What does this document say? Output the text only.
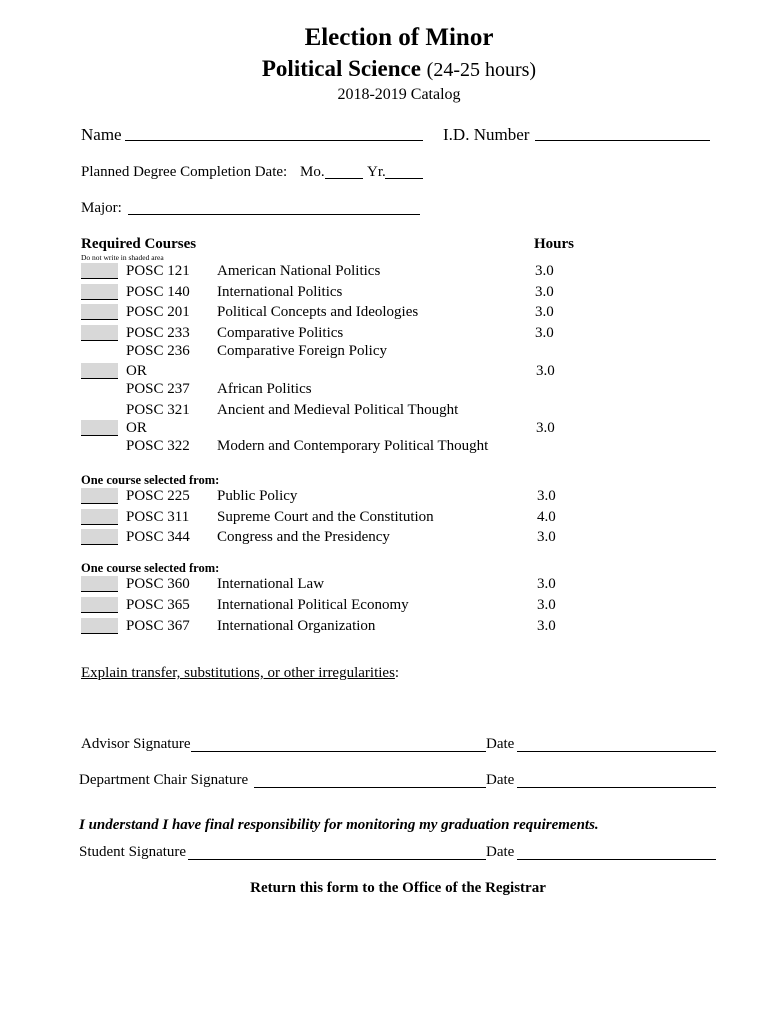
Election of Minor
Political Science (24-25 hours)
2018-2019 Catalog
Name	I.D. Number
Planned Degree Completion Date: Mo.	Yr.
Major:
Required Courses	Hours
Do not write in shaded area
POSC 121 American National Politics	3.0
POSC 140 International Politics	3.0
POSC 201 Political Concepts and Ideologies	3.0
POSC 233 Comparative Politics	3.0
POSC 236 Comparative Foreign Policy
OR	3.0
POSC 237 African Politics
POSC 321 Ancient and Medieval Political Thought
OR	3.0
POSC 322 Modern and Contemporary Political Thought
One course selected from:
POSC 225 Public Policy	3.0
POSC 311 Supreme Court and the Constitution	4.0
POSC 344 Congress and the Presidency	3.0
One course selected from:
POSC 360 International Law	3.0
POSC 365 International Political Economy	3.0
POSC 367 International Organization	3.0
Explain transfer, substitutions, or other irregularities:
Advisor Signature	Date
Department Chair Signature	Date
I understand I have final responsibility for monitoring my graduation requirements.
Student Signature	Date
Return this form to the Office of the Registrar
